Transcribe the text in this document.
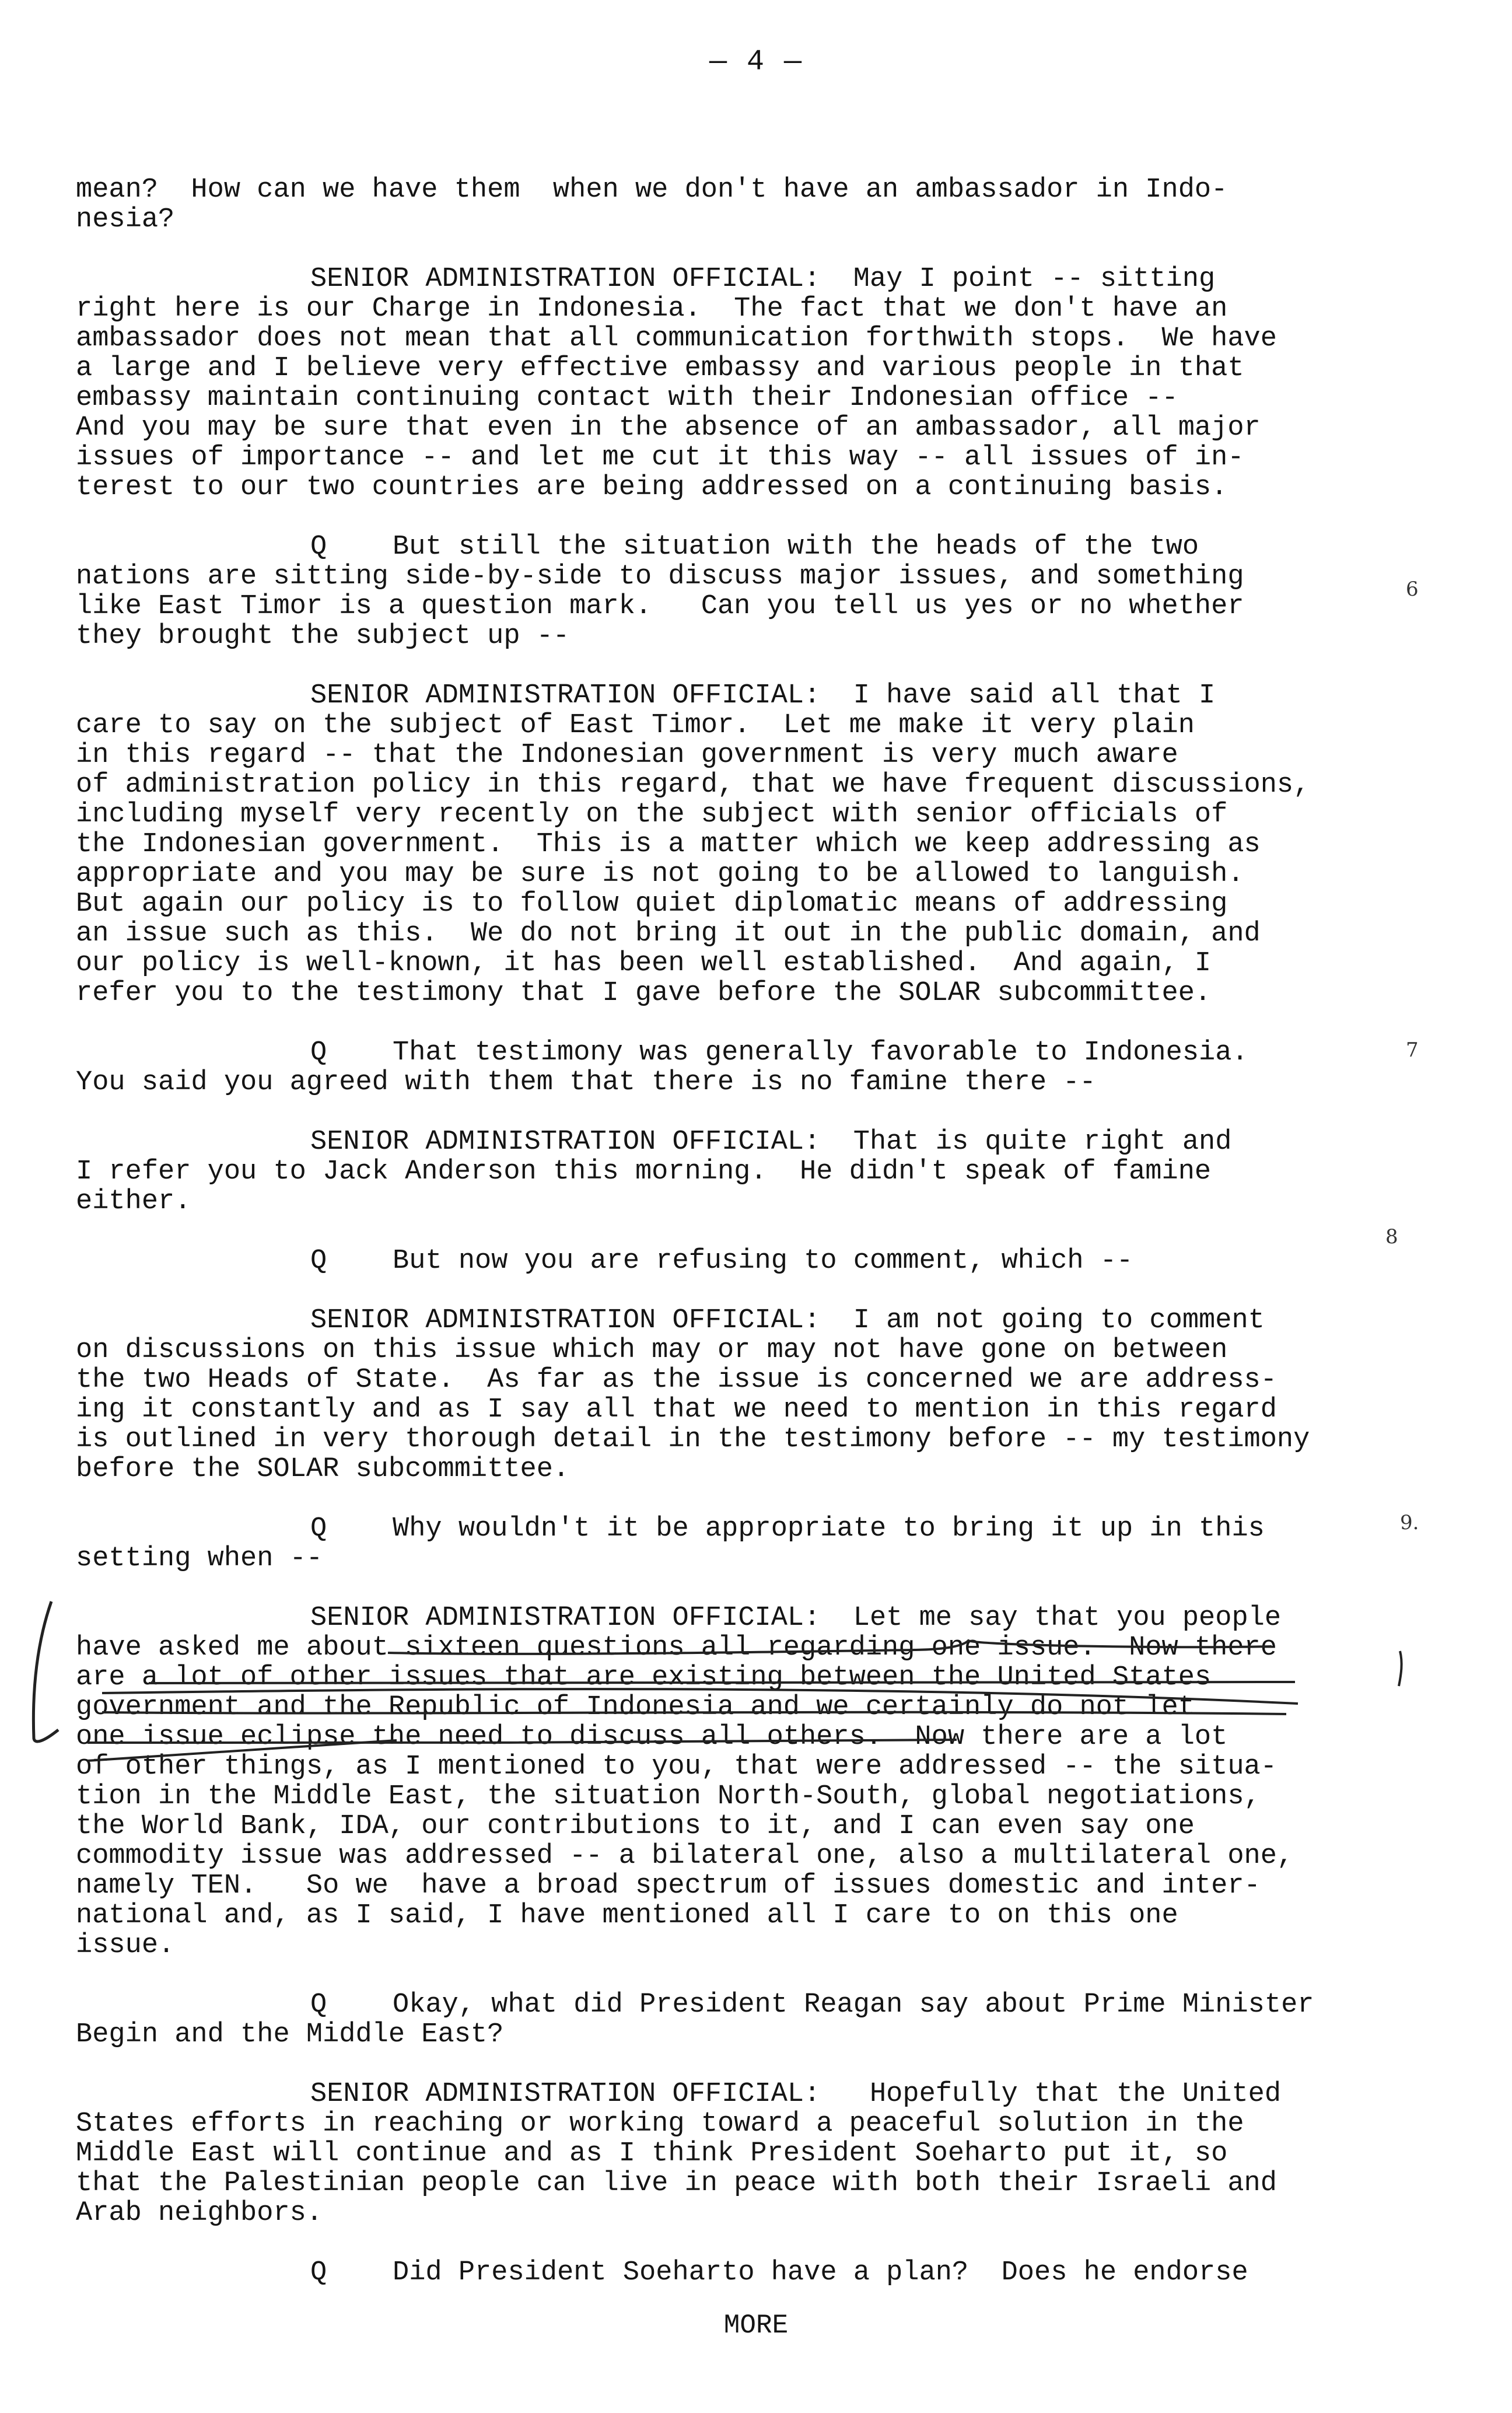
— 4 —
mean?  How can we have them  when we don't have an ambassador in Indo-
nesia?
SENIOR ADMINISTRATION OFFICIAL:  May I point -- sitting
right here is our Charge in Indonesia.  The fact that we don't have an
ambassador does not mean that all communication forthwith stops.  We have
a large and I believe very effective embassy and various people in that
embassy maintain continuing contact with their Indonesian office --
And you may be sure that even in the absence of an ambassador, all major
issues of importance -- and let me cut it this way -- all issues of in-
terest to our two countries are being addressed on a continuing basis.
Q    But still the situation with the heads of the two
nations are sitting side-by-side to discuss major issues, and something
like East Timor is a question mark.   Can you tell us yes or no whether
they brought the subject up --
SENIOR ADMINISTRATION OFFICIAL:  I have said all that I
care to say on the subject of East Timor.  Let me make it very plain
in this regard -- that the Indonesian government is very much aware
of administration policy in this regard, that we have frequent discussions,
including myself very recently on the subject with senior officials of
the Indonesian government.  This is a matter which we keep addressing as
appropriate and you may be sure is not going to be allowed to languish.
But again our policy is to follow quiet diplomatic means of addressing
an issue such as this.  We do not bring it out in the public domain, and
our policy is well-known, it has been well established.  And again, I
refer you to the testimony that I gave before the SOLAR subcommittee.
Q    That testimony was generally favorable to Indonesia.
You said you agreed with them that there is no famine there --
SENIOR ADMINISTRATION OFFICIAL:  That is quite right and
I refer you to Jack Anderson this morning.  He didn't speak of famine
either.
Q    But now you are refusing to comment, which --
SENIOR ADMINISTRATION OFFICIAL:  I am not going to comment
on discussions on this issue which may or may not have gone on between
the two Heads of State.  As far as the issue is concerned we are address-
ing it constantly and as I say all that we need to mention in this regard
is outlined in very thorough detail in the testimony before -- my testimony
before the SOLAR subcommittee.
Q    Why wouldn't it be appropriate to bring it up in this
setting when --
SENIOR ADMINISTRATION OFFICIAL:  Let me say that you people
have asked me about sixteen questions all regarding one issue.  Now there
are a lot of other issues that are existing between the United States
government and the Republic of Indonesia and we certainly do not let
one issue eclipse the need to discuss all others.  Now there are a lot
of other things, as I mentioned to you, that were addressed -- the situa-
tion in the Middle East, the situation North-South, global negotiations,
the World Bank, IDA, our contributions to it, and I can even say one
commodity issue was addressed -- a bilateral one, also a multilateral one,
namely TEN.   So we  have a broad spectrum of issues domestic and inter-
national and, as I said, I have mentioned all I care to on this one
issue.
Q    Okay, what did President Reagan say about Prime Minister
Begin and the Middle East?
SENIOR ADMINISTRATION OFFICIAL:   Hopefully that the United
States efforts in reaching or working toward a peaceful solution in the
Middle East will continue and as I think President Soeharto put it, so
that the Palestinian people can live in peace with both their Israeli and
Arab neighbors.
Q    Did President Soeharto have a plan?  Does he endorse
6
7
8
9.
MORE
